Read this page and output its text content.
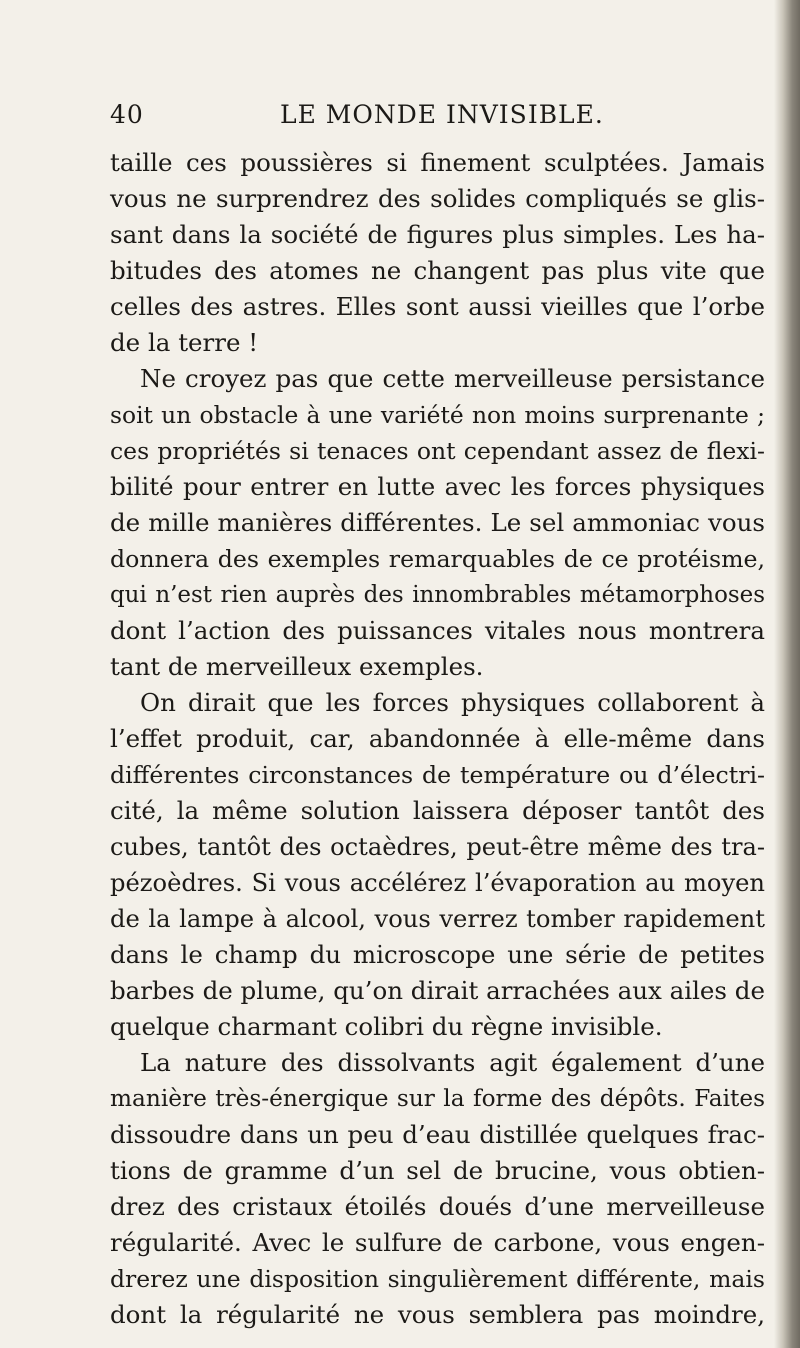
40	LE MONDE INVISIBLE.
taille ces poussières si finement sculptées. Jamais
vous ne surprendrez des solides compliqués se glis-
sant dans la société de figures plus simples. Les ha-
bitudes des atomes ne changent pas plus vite que
celles des astres. Elles sont aussi vieilles que l’orbe
de la terre !
Ne croyez pas que cette merveilleuse persistance
soit un obstacle à une variété non moins surprenante ;
ces propriétés si tenaces ont cependant assez de flexi-
bilité pour entrer en lutte avec les forces physiques
de mille manières différentes. Le sel ammoniac vous
donnera des exemples remarquables de ce protéisme,
qui n’est rien auprès des innombrables métamorphoses
dont l’action des puissances vitales nous montrera
tant de merveilleux exemples.
On dirait que les forces physiques collaborent à
l’effet produit, car, abandonnée à elle-même dans
différentes circonstances de température ou d’électri-
cité, la même solution laissera déposer tantôt des
cubes, tantôt des octaèdres, peut-être même des tra-
pézoèdres. Si vous accélérez l’évaporation au moyen
de la lampe à alcool, vous verrez tomber rapidement
dans le champ du microscope une série de petites
barbes de plume, qu’on dirait arrachées aux ailes de
quelque charmant colibri du règne invisible.
La nature des dissolvants agit également d’une
manière très-énergique sur la forme des dépôts. Faites
dissoudre dans un peu d’eau distillée quelques frac-
tions de gramme d’un sel de brucine, vous obtien-
drez des cristaux étoilés doués d’une merveilleuse
régularité. Avec le sulfure de carbone, vous engen-
drerez une disposition singulièrement différente, mais
dont la régularité ne vous semblera pas moindre,
